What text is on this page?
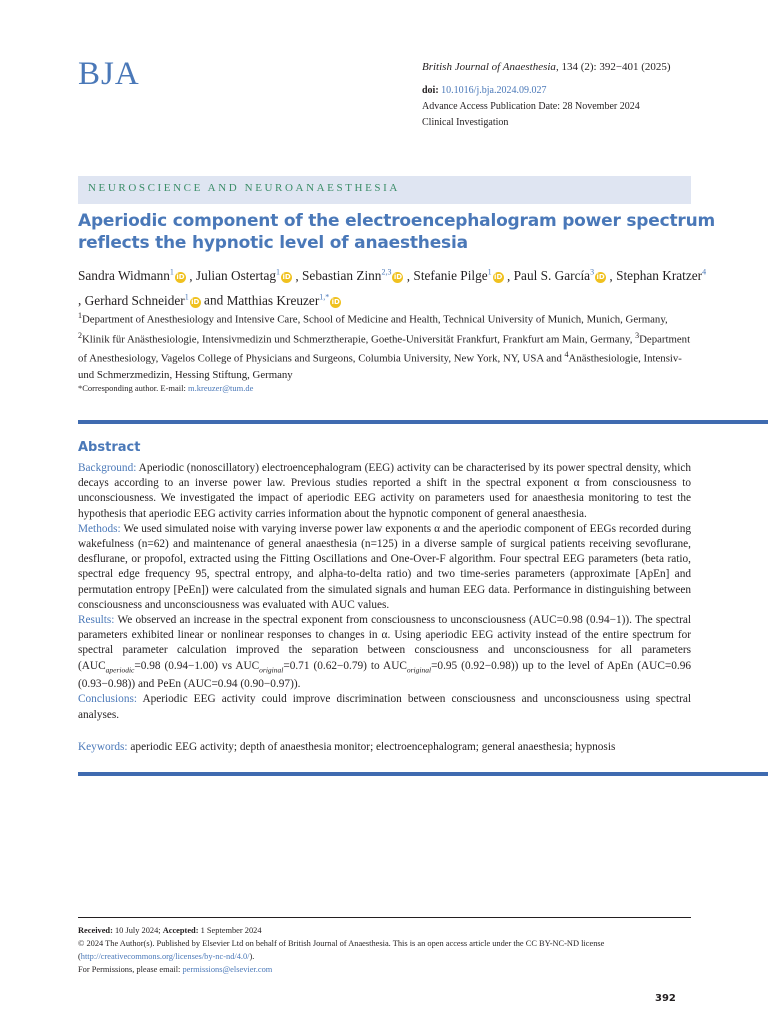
BJA	British Journal of Anaesthesia, 134 (2): 392−401 (2025)
doi: 10.1016/j.bja.2024.09.027
Advance Access Publication Date: 28 November 2024
Clinical Investigation
NEUROSCIENCE AND NEUROANAESTHESIA
Aperiodic component of the electroencephalogram power spectrum reflects the hypnotic level of anaesthesia
Sandra Widmann$^1$iD , Julian Ostertag$^1$iD , Sebastian Zinn$^{2,3}$iD , Stefanie Pilge$^1$iD , Paul S. García$^3$iD , Stephan Kratzer$^4$ , Gerhard Schneider$^1$iD and Matthias Kreuzer$^{1,*}$iD
$^1$Department of Anesthesiology and Intensive Care, School of Medicine and Health, Technical University of Munich, Munich, Germany, $^2$Klinik für Anästhesiologie, Intensivmedizin und Schmerztherapie, Goethe-Universität Frankfurt, Frankfurt am Main, Germany, $^3$Department of Anesthesiology, Vagelos College of Physicians and Surgeons, Columbia University, New York, NY, USA and $^4$Anästhesiologie, Intensiv- und Schmerzmedizin, Hessing Stiftung, Germany
*Corresponding author. E-mail: m.kreuzer@tum.de
Abstract

Background: Aperiodic (nonoscillatory) electroencephalogram (EEG) activity can be characterised by its power spectral density, which decays according to an inverse power law. Previous studies reported a shift in the spectral exponent α from consciousness to unconsciousness. We investigated the impact of aperiodic EEG activity on parameters used for anaesthesia monitoring to test the hypothesis that aperiodic EEG activity carries information about the hypnotic component of general anaesthesia.

Methods: We used simulated noise with varying inverse power law exponents α and the aperiodic component of EEGs recorded during wakefulness (n=62) and maintenance of general anaesthesia (n=125) in a diverse sample of surgical patients receiving sevoflurane, desflurane, or propofol, extracted using the Fitting Oscillations and One-Over-F algorithm. Four spectral EEG parameters (beta ratio, spectral edge frequency 95, spectral entropy, and alpha-to-delta ratio) and two time-series parameters (approximate [ApEn] and permutation entropy [PeEn]) were calculated from the simulated signals and human EEG data. Performance in distinguishing between consciousness and unconsciousness was evaluated with AUC values.

Results: We observed an increase in the spectral exponent from consciousness to unconsciousness (AUC=0.98 (0.94−1)). The spectral parameters exhibited linear or nonlinear responses to changes in α. Using aperiodic EEG activity instead of the entire spectrum for spectral parameter calculation improved the separation between consciousness and unconsciousness for all parameters ($AUC_{aperiodic}=0.98$ (0.94−1.00) vs $AUC_{original}=0.71$ (0.62−0.79) to $AUC_{original}=0.95$ (0.92−0.98)) up to the level of ApEn (AUC=0.96 (0.93−0.98)) and PeEn (AUC=0.94 (0.90−0.97)).

Conclusions: Aperiodic EEG activity could improve discrimination between consciousness and unconsciousness using spectral analyses.

Keywords: aperiodic EEG activity; depth of anaesthesia monitor; electroencephalogram; general anaesthesia; hypnosis
Received: 10 July 2024; Accepted: 1 September 2024
© 2024 The Author(s). Published by Elsevier Ltd on behalf of British Journal of Anaesthesia. This is an open access article under the CC BY-NC-ND license (http://creativecommons.org/licenses/by-nc-nd/4.0/).
For Permissions, please email: permissions@elsevier.com
392
